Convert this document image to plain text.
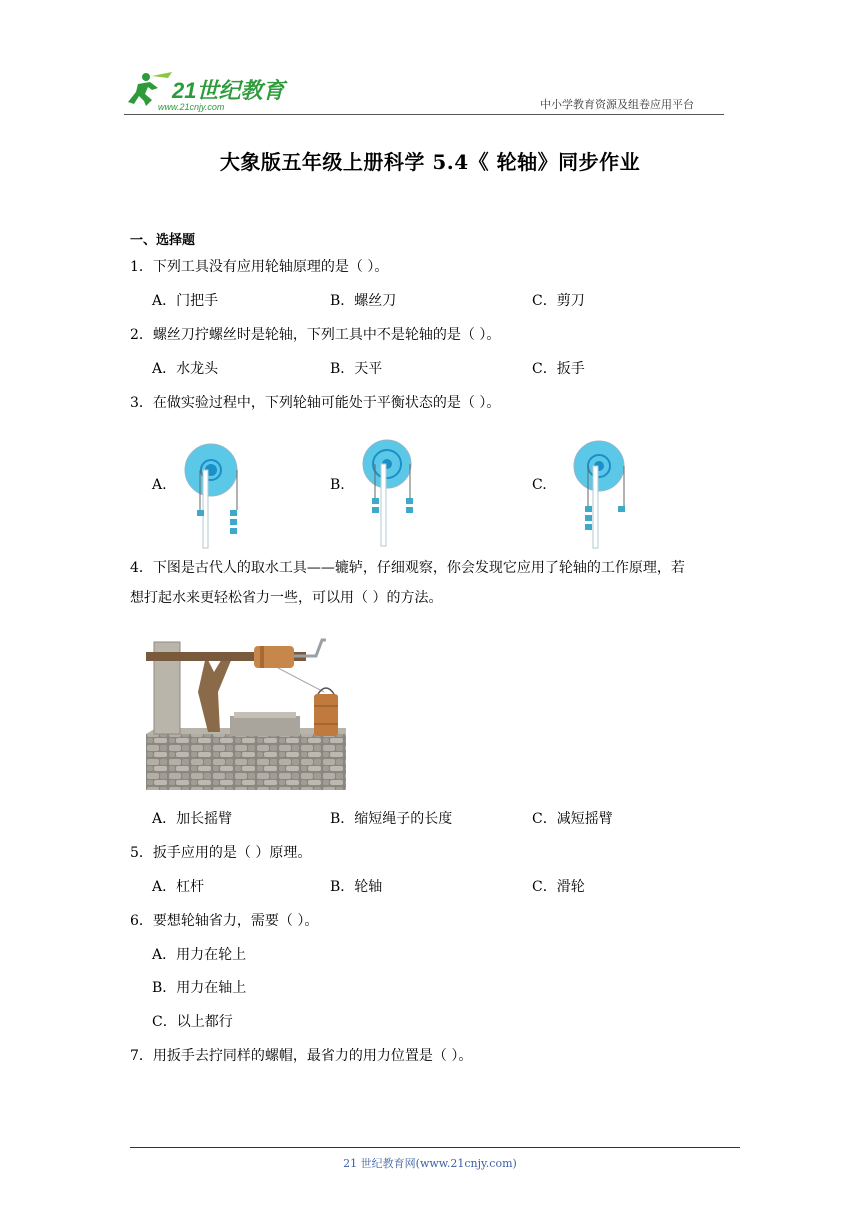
21世纪教育
www.21cnjy.com	中小学教育资源及组卷应用平台
大象版五年级上册科学 5.4《 轮轴》同步作业
一、选择题
1．下列工具没有应用轮轴原理的是（ ）。
A．门把手	B．螺丝刀	C．剪刀
2．螺丝刀拧螺丝时是轮轴，下列工具中不是轮轴的是（ ）。
A．水龙头	B．天平	C．扳手
3．在做实验过程中，下列轮轴可能处于平衡状态的是（ ）。
A.	B.	C.
4．下图是古代人的取水工具——辘轳，仔细观察，你会发现它应用了轮轴的工作原理，若
想打起水来更轻松省力一些，可以用（ ）的方法。
A．加长摇臂	B．缩短绳子的长度	C．减短摇臂
5．扳手应用的是（ ）原理。
A．杠杆	B．轮轴	C．滑轮
6．要想轮轴省力，需要（ ）。
A．用力在轮上
B．用力在轴上
C．以上都行
7．用扳手去拧同样的螺帽，最省力的用力位置是（ ）。
21 世纪教育网(www.21cnjy.com)
